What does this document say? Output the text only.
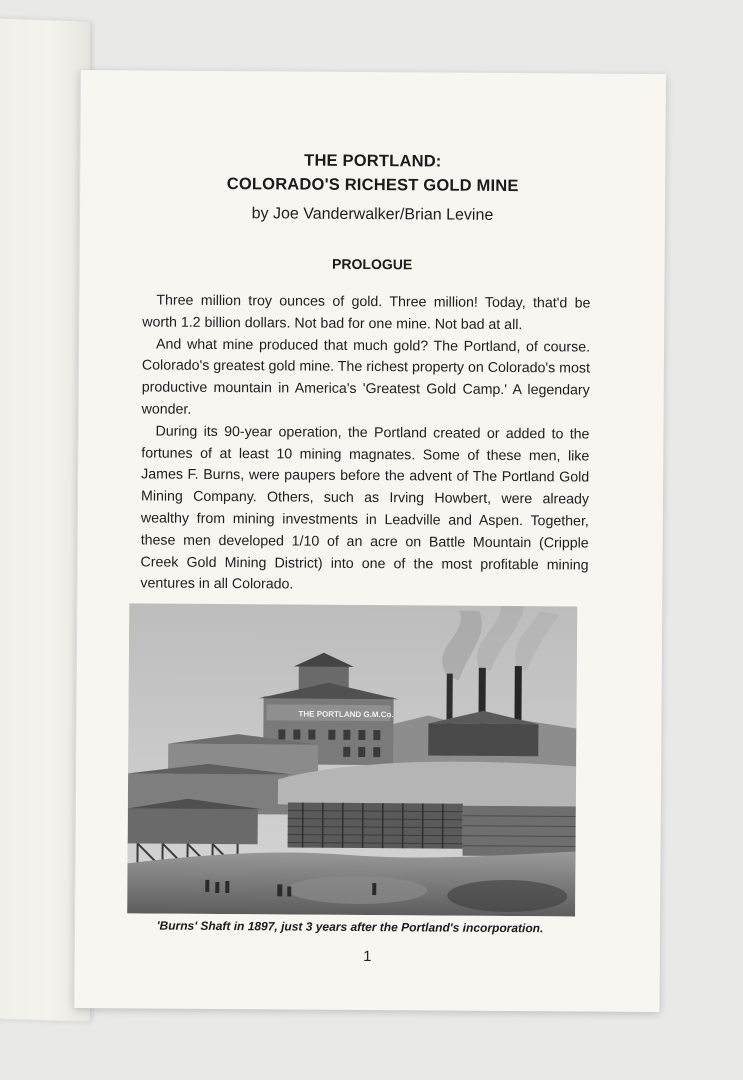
THE PORTLAND:
COLORADO'S RICHEST GOLD MINE
by Joe Vanderwalker/Brian Levine
PROLOGUE

Three million troy ounces of gold. Three million! Today, that'd be worth 1.2 billion dollars. Not bad for one mine. Not bad at all.

And what mine produced that much gold? The Portland, of course. Colorado's greatest gold mine. The richest property on Colorado's most productive mountain in America's 'Greatest Gold Camp.' A legendary wonder.

During its 90-year operation, the Portland created or added to the fortunes of at least 10 mining magnates. Some of these men, like James F. Burns, were paupers before the advent of The Portland Gold Mining Company. Others, such as Irving Howbert, were already wealthy from mining investments in Leadville and Aspen. Together, these men developed 1/10 of an acre on Battle Mountain (Cripple Creek Gold Mining District) into one of the most profitable mining ventures in all Colorado.

THE PORTLAND G.M.Co.
'Burns' Shaft in 1897, just 3 years after the Portland's incorporation.
1
